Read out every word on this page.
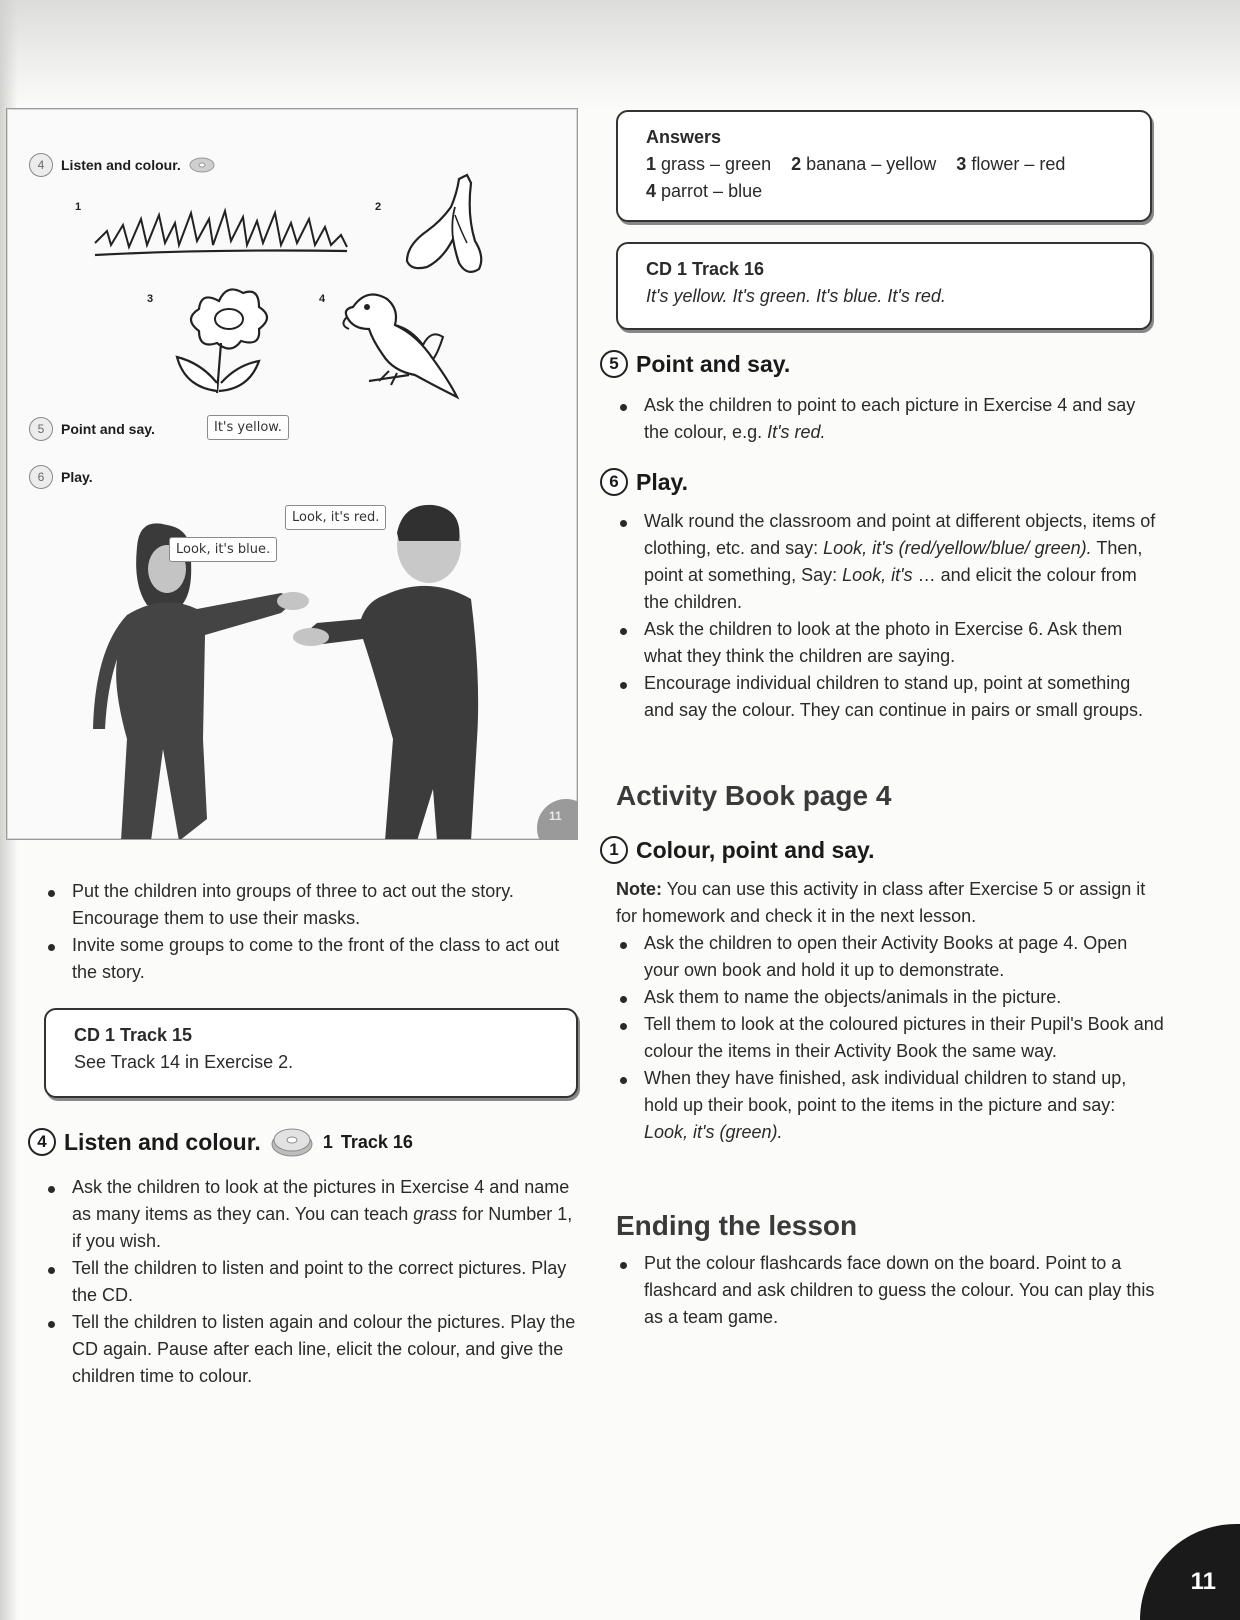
4	Listen and colour.
1	2
3	4
5	Point and say.	It's yellow.
6	Play.
Look, it's blue.
Look, it's red.
11
Put the children into groups of three to act out the story. Encourage them to use their masks.
Invite some groups to come to the front of the class to act out the story.
CD 1 Track 15
See Track 14 in Exercise 2.
4 Listen and colour.	1 Track 16
Ask the children to look at the pictures in Exercise 4 and name as many items as they can. You can teach grass for Number 1, if you wish.
Tell the children to listen and point to the correct pictures. Play the CD.
Tell the children to listen again and colour the pictures. Play the CD again. Pause after each line, elicit the colour, and give the children time to colour.
Answers
1 grass – green 2 banana – yellow 3 flower – red
4 parrot – blue
CD 1 Track 16
It's yellow. It's green. It's blue. It's red.
5 Point and say.
Ask the children to point to each picture in Exercise 4 and say the colour, e.g. It's red.
6 Play.
Walk round the classroom and point at different objects, items of clothing, etc. and say: Look, it's (red/yellow/blue/ green). Then, point at something, Say: Look, it's … and elicit the colour from the children.
Ask the children to look at the photo in Exercise 6. Ask them what they think the children are saying.
Encourage individual children to stand up, point at something and say the colour. They can continue in pairs or small groups.
Activity Book page 4
1 Colour, point and say.
Note: You can use this activity in class after Exercise 5 or assign it for homework and check it in the next lesson.
Ask the children to open their Activity Books at page 4. Open your own book and hold it up to demonstrate.
Ask them to name the objects/animals in the picture.
Tell them to look at the coloured pictures in their Pupil's Book and colour the items in their Activity Book the same way.
When they have finished, ask individual children to stand up, hold up their book, point to the items in the picture and say: Look, it's (green).
Ending the lesson
Put the colour flashcards face down on the board. Point to a flashcard and ask children to guess the colour. You can play this as a team game.
11
